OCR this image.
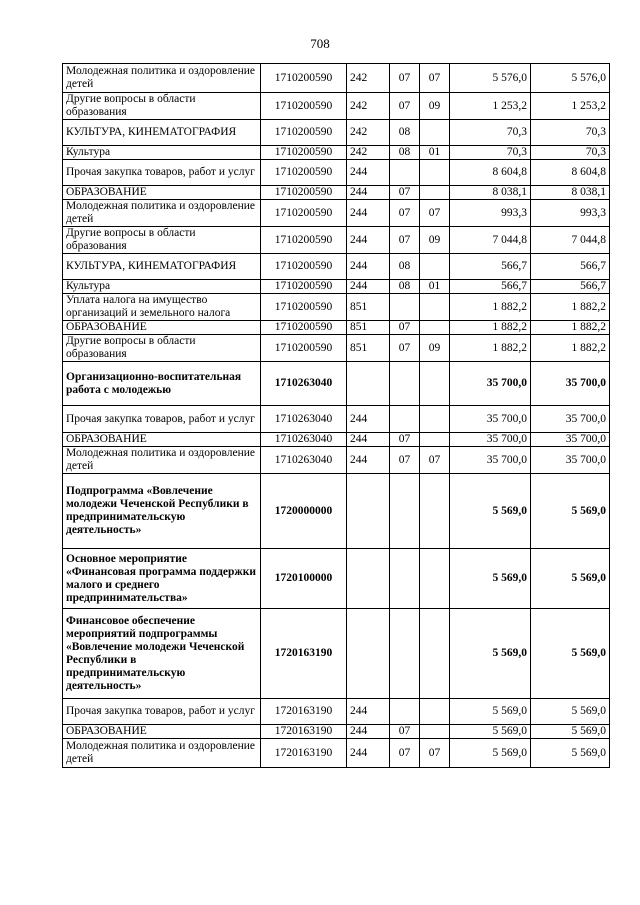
708
Молодежная политика и оздоровление детей	1710200590	242	07	07	5 576,0	5 576,0
Другие вопросы в области образования	1710200590	242	07	09	1 253,2	1 253,2
КУЛЬТУРА, КИНЕМАТОГРАФИЯ	1710200590	242	08		70,3	70,3
Культура	1710200590	242	08	01	70,3	70,3
Прочая закупка товаров, работ и услуг	1710200590	244			8 604,8	8 604,8
ОБРАЗОВАНИЕ	1710200590	244	07		8 038,1	8 038,1
Молодежная политика и оздоровление детей	1710200590	244	07	07	993,3	993,3
Другие вопросы в области образования	1710200590	244	07	09	7 044,8	7 044,8
КУЛЬТУРА, КИНЕМАТОГРАФИЯ	1710200590	244	08		566,7	566,7
Культура	1710200590	244	08	01	566,7	566,7
Уплата налога на имущество организаций и земельного налога	1710200590	851			1 882,2	1 882,2
ОБРАЗОВАНИЕ	1710200590	851	07		1 882,2	1 882,2
Другие вопросы в области образования	1710200590	851	07	09	1 882,2	1 882,2
Организационно-воспитательная работа с молодежью	1710263040				35 700,0	35 700,0
Прочая закупка товаров, работ и услуг	1710263040	244			35 700,0	35 700,0
ОБРАЗОВАНИЕ	1710263040	244	07		35 700,0	35 700,0
Молодежная политика и оздоровление детей	1710263040	244	07	07	35 700,0	35 700,0
Подпрограмма «Вовлечение молодежи Чеченской Республики в предпринимательскую деятельность»	1720000000				5 569,0	5 569,0
Основное мероприятие «Финансовая программа поддержки малого и среднего предпринимательства»	1720100000				5 569,0	5 569,0
Финансовое обеспечение мероприятий подпрограммы «Вовлечение молодежи Чеченской Республики в предпринимательскую деятельность»	1720163190				5 569,0	5 569,0
Прочая закупка товаров, работ и услуг	1720163190	244			5 569,0	5 569,0
ОБРАЗОВАНИЕ	1720163190	244	07		5 569,0	5 569,0
Молодежная политика и оздоровление детей	1720163190	244	07	07	5 569,0	5 569,0
